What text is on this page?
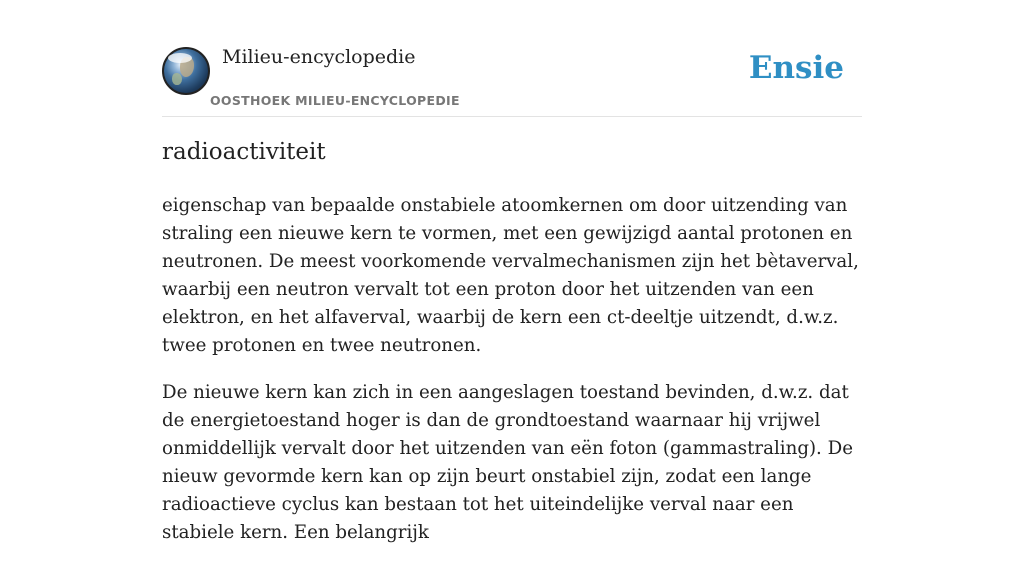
Milieu-encyclopedie
OOSTHOEK MILIEU-ENCYCLOPEDIE
Ensie
radioactiviteit

eigenschap van bepaalde onstabiele atoomkernen om door uitzending van straling een nieuwe kern te vormen, met een gewijzigd aantal protonen en neutronen. De meest voorkomende vervalmechanismen zijn het bètaverval, waarbij een neutron vervalt tot een proton door het uitzenden van een elektron, en het alfaverval, waarbij de kern een ct-deeltje uitzendt, d.w.z. twee protonen en twee neutronen.

De nieuwe kern kan zich in een aangeslagen toestand bevinden, d.w.z. dat de energietoestand hoger is dan de grondtoestand waarnaar hij vrijwel onmiddellijk vervalt door het uitzenden van eën foton (gammastraling). De nieuw gevormde kern kan op zijn beurt onstabiel zijn, zodat een lange radioactieve cyclus kan bestaan tot het uiteindelijke verval naar een stabiele kern. Een belangrijk
